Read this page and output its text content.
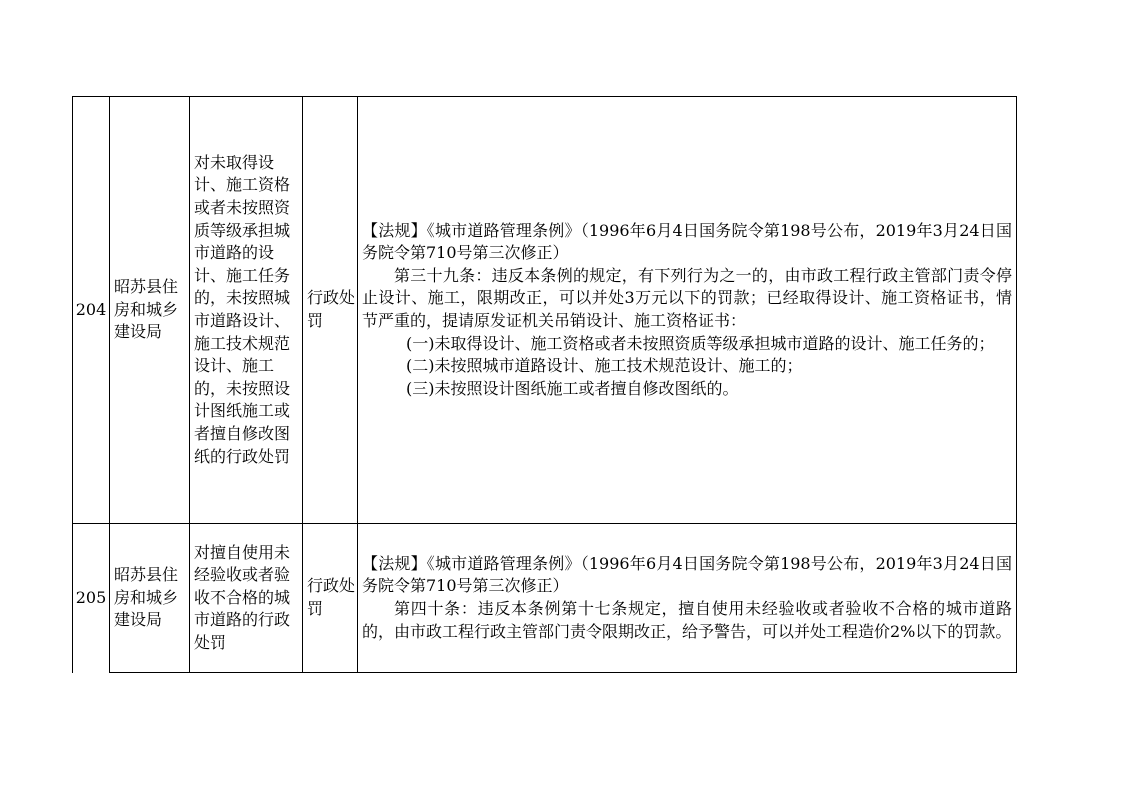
204	昭苏县住房和城乡建设局	对未取得设计、施工资格或者未按照资质等级承担城市道路的设计、施工任务的，未按照城市道路设计、施工技术规范设计、施工的，未按照设计图纸施工或者擅自修改图纸的行政处罚	行政处罚	【法规】《城市道路管理条例》（1996年6月4日国务院令第198号公布，2019年3月24日国务院令第710号第三次修正）

第三十九条：违反本条例的规定，有下列行为之一的，由市政工程行政主管部门责令停止设计、施工，限期改正，可以并处3万元以下的罚款；已经取得设计、施工资格证书，情节严重的，提请原发证机关吊销设计、施工资格证书：

(一)未取得设计、施工资格或者未按照资质等级承担城市道路的设计、施工任务的；

(二)未按照城市道路设计、施工技术规范设计、施工的；

(三)未按照设计图纸施工或者擅自修改图纸的。

205	昭苏县住房和城乡建设局	对擅自使用未经验收或者验收不合格的城市道路的行政处罚	行政处罚	【法规】《城市道路管理条例》（1996年6月4日国务院令第198号公布，2019年3月24日国务院令第710号第三次修正）

第四十条：违反本条例第十七条规定，擅自使用未经验收或者验收不合格的城市道路的，由市政工程行政主管部门责令限期改正，给予警告，可以并处工程造价2%以下的罚款。
